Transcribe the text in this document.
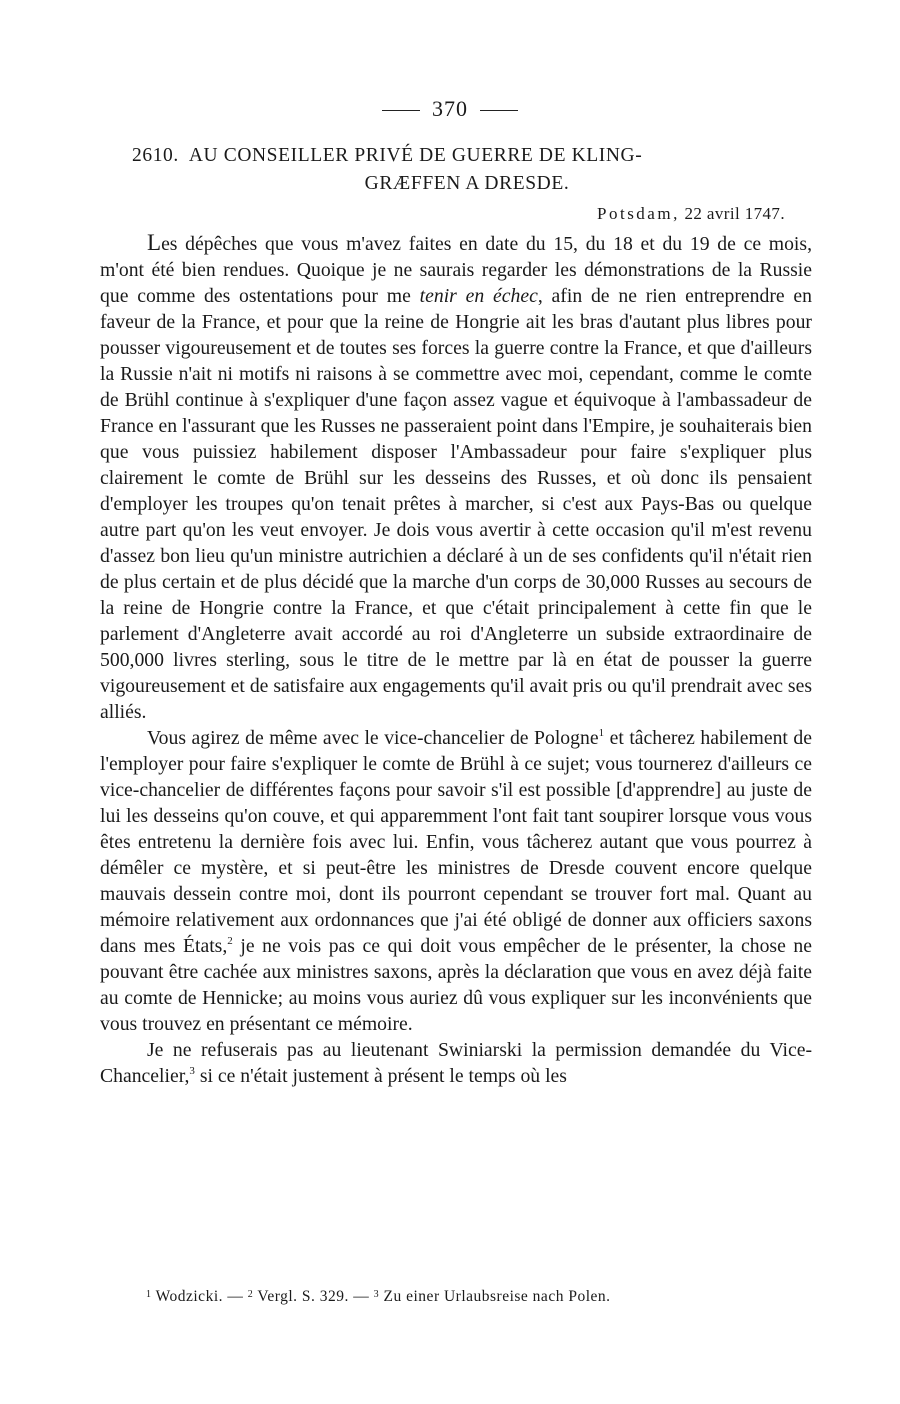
370
2610. AU CONSEILLER PRIVÉ DE GUERRE DE KLING-
GRÆFFEN A DRESDE.
Potsdam, 22 avril 1747.

Les dépêches que vous m'avez faites en date du 15, du 18 et du 19 de ce mois, m'ont été bien rendues. Quoique je ne saurais regarder les démonstrations de la Russie que comme des ostentations pour me tenir en échec, afin de ne rien entreprendre en faveur de la France, et pour que la reine de Hongrie ait les bras d'autant plus libres pour pousser vigoureusement et de toutes ses forces la guerre contre la France, et que d'ailleurs la Russie n'ait ni motifs ni raisons à se commettre avec moi, cependant, comme le comte de Brühl continue à s'expliquer d'une façon assez vague et équivoque à l'ambassadeur de France en l'assurant que les Russes ne passeraient point dans l'Empire, je souhaiterais bien que vous puissiez habilement disposer l'Ambassadeur pour faire s'expliquer plus clairement le comte de Brühl sur les desseins des Russes, et où donc ils pensaient d'employer les troupes qu'on tenait prêtes à marcher, si c'est aux Pays-Bas ou quelque autre part qu'on les veut envoyer. Je dois vous avertir à cette occasion qu'il m'est revenu d'assez bon lieu qu'un ministre autrichien a déclaré à un de ses confidents qu'il n'était rien de plus certain et de plus décidé que la marche d'un corps de 30,000 Russes au secours de la reine de Hongrie contre la France, et que c'était principalement à cette fin que le parlement d'Angleterre avait accordé au roi d'Angleterre un subside extraordinaire de 500,000 livres sterling, sous le titre de le mettre par là en état de pousser la guerre vigoureusement et de satisfaire aux engagements qu'il avait pris ou qu'il prendrait avec ses alliés.

Vous agirez de même avec le vice-chancelier de Pologne$^1$ et tâcherez habilement de l'employer pour faire s'expliquer le comte de Brühl à ce sujet; vous tournerez d'ailleurs ce vice-chancelier de différentes façons pour savoir s'il est possible [d'apprendre] au juste de lui les desseins qu'on couve, et qui apparemment l'ont fait tant soupirer lorsque vous vous êtes entretenu la dernière fois avec lui. Enfin, vous tâcherez autant que vous pourrez à démêler ce mystère, et si peut-être les ministres de Dresde couvent encore quelque mauvais dessein contre moi, dont ils pourront cependant se trouver fort mal. Quant au mémoire relativement aux ordonnances que j'ai été obligé de donner aux officiers saxons dans mes États,$^2$ je ne vois pas ce qui doit vous empêcher de le présenter, la chose ne pouvant être cachée aux ministres saxons, après la déclaration que vous en avez déjà faite au comte de Hennicke; au moins vous auriez dû vous expliquer sur les inconvénients que vous trouvez en présentant ce mémoire.

Je ne refuserais pas au lieutenant Swiniarski la permission demandée du Vice-Chancelier,$^3$ si ce n'était justement à présent le temps où les

$^1$ Wodzicki. — $^2$ Vergl. S. 329. — $^3$ Zu einer Urlaubsreise nach Polen.
